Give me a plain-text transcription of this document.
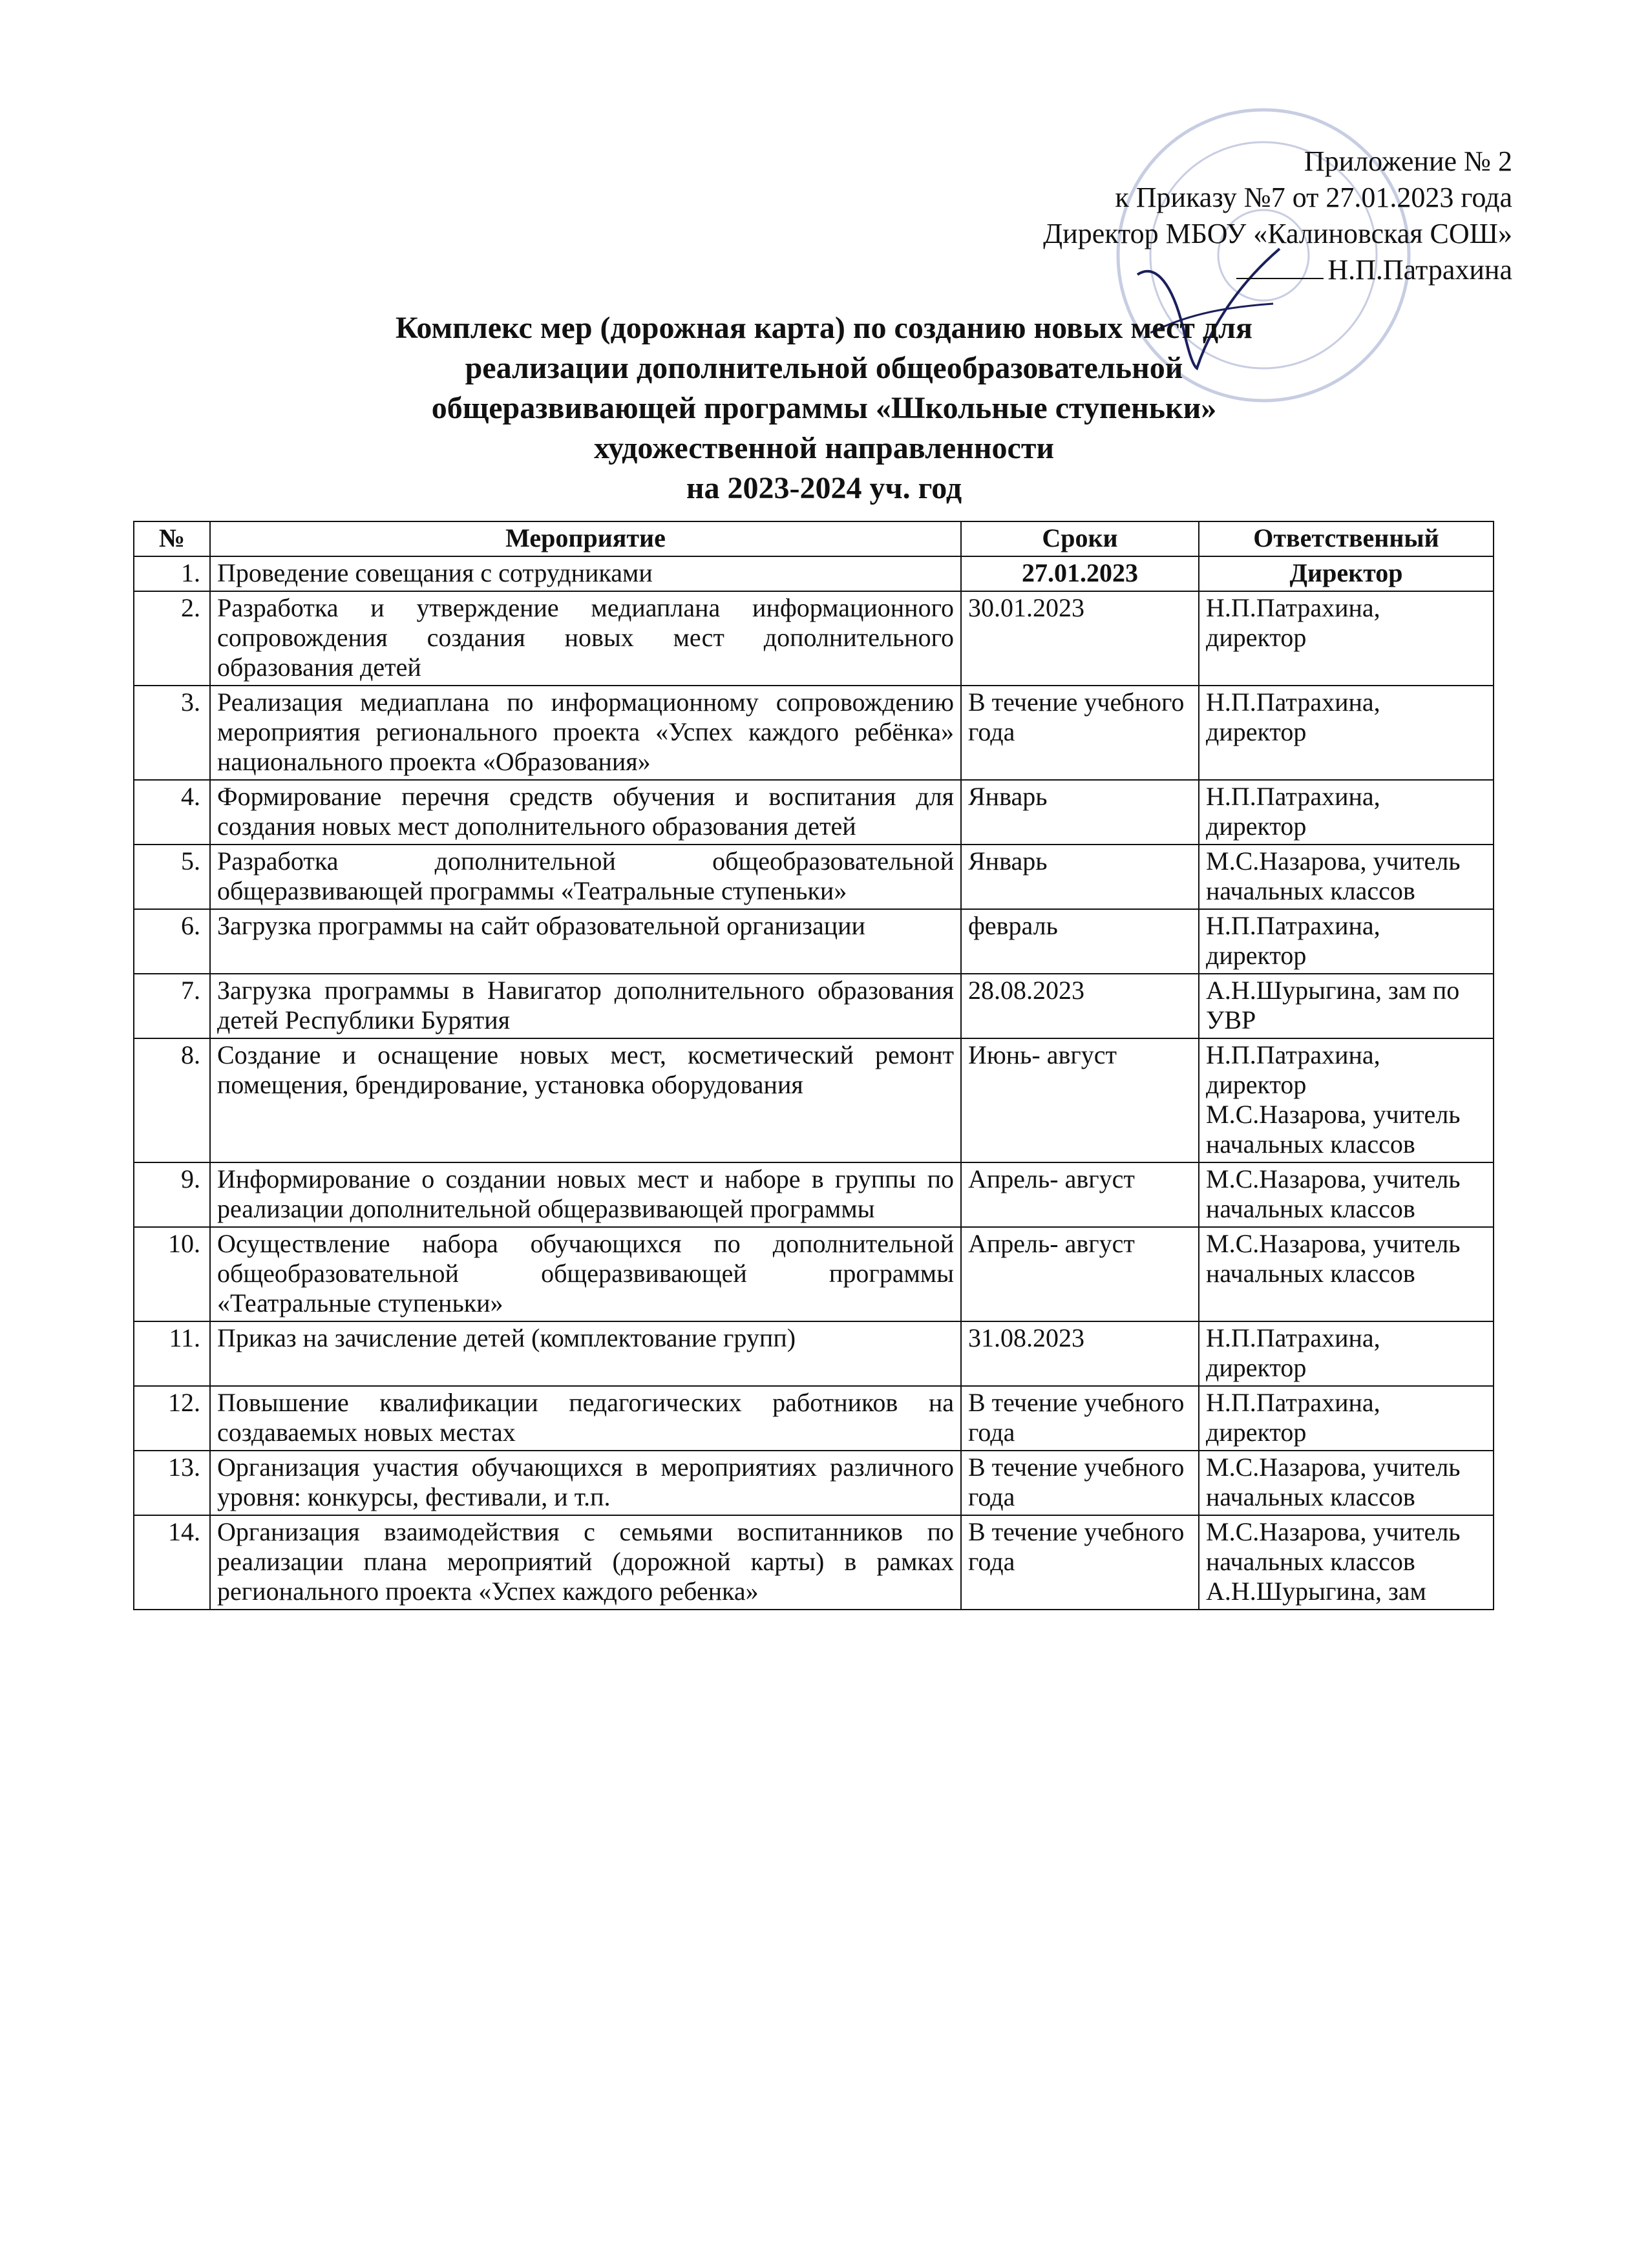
Приложение № 2
к Приказу №7 от 27.01.2023 года
Директор МБОУ «Калиновская СОШ»
Н.П.Патрахина
Комплекс мер (дорожная карта) по созданию новых мест для
реализации дополнительной общеобразовательной
общеразвивающей программы «Школьные ступеньки»
художественной направленности
на 2023-2024 уч. год
№	Мероприятие	Сроки	Ответственный
1.	Проведение совещания с сотрудниками	27.01.2023	Директор

2.	Разработка и утверждение медиаплана информационного сопровождения создания новых мест дополнительного образования детей	30.01.2023	Н.П.Патрахина, директор

3.	Реализация медиаплана по информационному сопровождению мероприятия регионального проекта «Успех каждого ребёнка» национального проекта «Образования»	В течение учебного года	Н.П.Патрахина, директор

4.	Формирование перечня средств обучения и воспитания для создания новых мест дополнительного образования детей	Январь	Н.П.Патрахина, директор

5.	Разработка дополнительной общеобразовательной общеразвивающей программы «Театральные ступеньки»	Январь	М.С.Назарова, учитель начальных классов

6.	Загрузка программы на сайт образовательной организации	февраль	Н.П.Патрахина, директор

7.	Загрузка программы в Навигатор дополнительного образования детей Республики Бурятия	28.08.2023	А.Н.Шурыгина, зам по УВР

8.	Создание и оснащение новых мест, косметический ремонт помещения, брендирование, установка оборудования	Июнь- август	Н.П.Патрахина, директор
М.С.Назарова, учитель начальных классов

9.	Информирование о создании новых мест и наборе в группы по реализации дополнительной общеразвивающей программы	Апрель- август	М.С.Назарова, учитель начальных классов

10.	Осуществление набора обучающихся по дополнительной общеобразовательной общеразвивающей программы «Театральные ступеньки»	Апрель- август	М.С.Назарова, учитель начальных классов

11.	Приказ на зачисление детей (комплектование групп)	31.08.2023	Н.П.Патрахина, директор

12.	Повышение квалификации педагогических работников на создаваемых новых местах	В течение учебного года	Н.П.Патрахина, директор

13.	Организация участия обучающихся в мероприятиях различного уровня: конкурсы, фестивали, и т.п.	В течение учебного года	М.С.Назарова, учитель начальных классов

14.	Организация взаимодействия с семьями воспитанников по реализации плана мероприятий (дорожной карты) в рамках регионального проекта «Успех каждого ребенка»	В течение учебного года	М.С.Назарова, учитель начальных классов
А.Н.Шурыгина, зам
